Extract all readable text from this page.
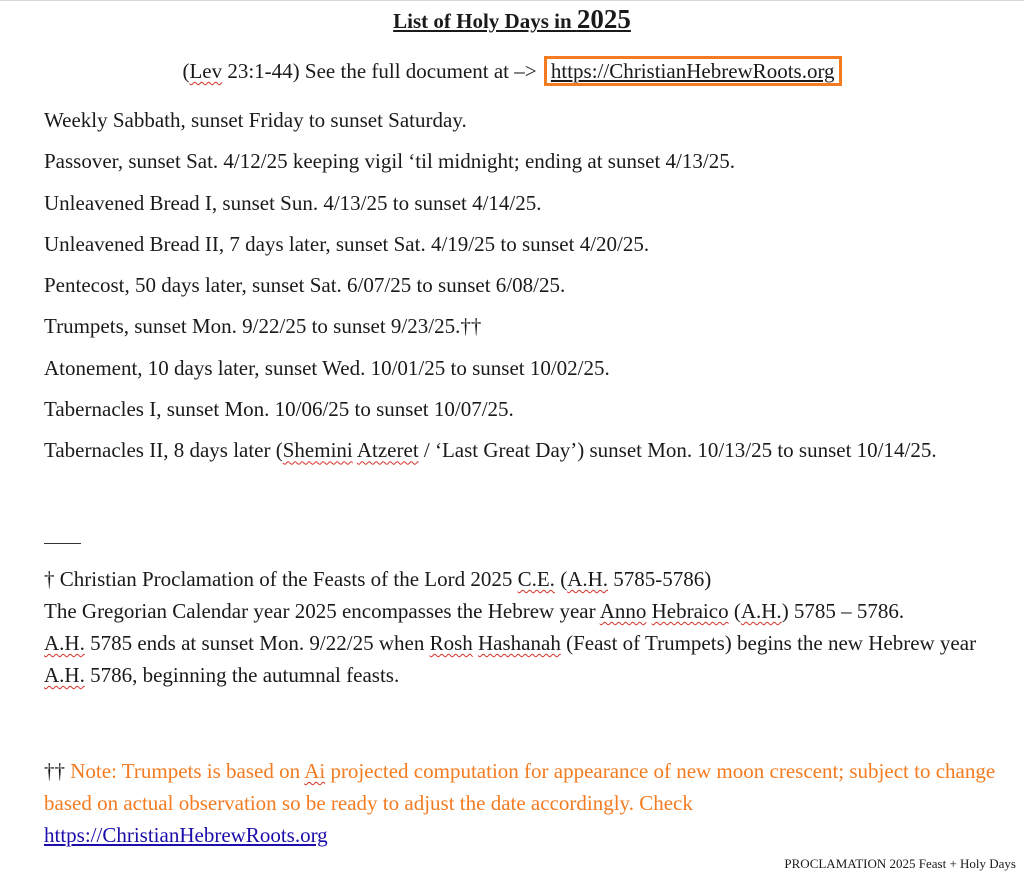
List of Holy Days in 2025
(Lev 23:1-44) See the full document at –> https://ChristianHebrewRoots.org
Weekly Sabbath, sunset Friday to sunset Saturday.
Passover, sunset Sat. 4/12/25 keeping vigil ‘til midnight; ending at sunset 4/13/25.
Unleavened Bread I, sunset Sun. 4/13/25 to sunset 4/14/25.
Unleavened Bread II, 7 days later, sunset Sat. 4/19/25 to sunset 4/20/25.
Pentecost, 50 days later, sunset Sat. 6/07/25 to sunset 6/08/25.
Trumpets, sunset Mon. 9/22/25 to sunset 9/23/25.††
Atonement, 10 days later, sunset Wed. 10/01/25 to sunset 10/02/25.
Tabernacles I, sunset Mon. 10/06/25 to sunset 10/07/25.
Tabernacles II, 8 days later (Shemini Atzeret / ‘Last Great Day’) sunset Mon. 10/13/25 to sunset 10/14/25.
† Christian Proclamation of the Feasts of the Lord 2025 C.E. (A.H. 5785-5786)
The Gregorian Calendar year 2025 encompasses the Hebrew year Anno Hebraico (A.H.) 5785 – 5786.
A.H. 5785 ends at sunset Mon. 9/22/25 when Rosh Hashanah (Feast of Trumpets) begins the new Hebrew year A.H. 5786, beginning the autumnal feasts.
†† Note: Trumpets is based on Ai projected computation for appearance of new moon crescent; subject to change based on actual observation so be ready to adjust the date accordingly. Check
https://ChristianHebrewRoots.org
PROCLAMATION 2025 Feast + Holy Days
